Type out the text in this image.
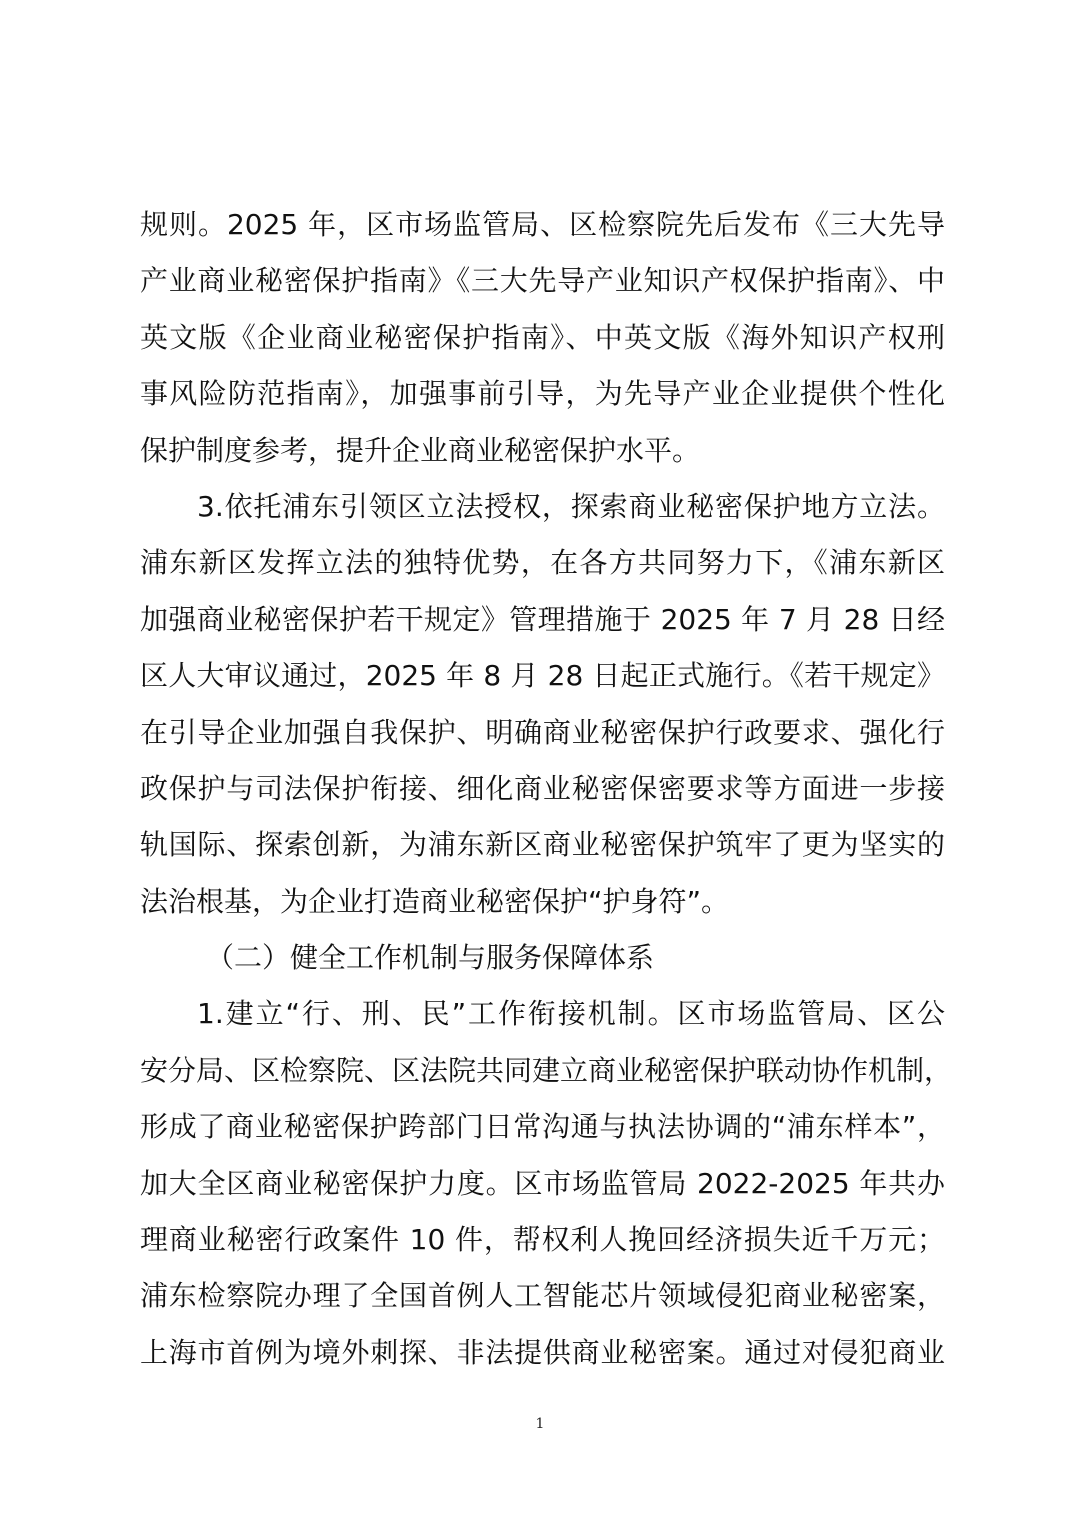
规则。2025 年，区市场监管局、区检察院先后发布《三大先导
产业商业秘密保护指南》《三大先导产业知识产权保护指南》、中
英文版《企业商业秘密保护指南》、中英文版《海外知识产权刑
事风险防范指南》，加强事前引导，为先导产业企业提供个性化
保护制度参考，提升企业商业秘密保护水平。
3.依托浦东引领区立法授权，探索商业秘密保护地方立法。
浦东新区发挥立法的独特优势，在各方共同努力下，《浦东新区
加强商业秘密保护若干规定》管理措施于 2025 年 7 月 28 日经
区人大审议通过，2025 年 8 月 28 日起正式施行。《若干规定》
在引导企业加强自我保护、明确商业秘密保护行政要求、强化行
政保护与司法保护衔接、细化商业秘密保密要求等方面进一步接
轨国际、探索创新，为浦东新区商业秘密保护筑牢了更为坚实的
法治根基，为企业打造商业秘密保护“护身符”。
（二）健全工作机制与服务保障体系
1.建立“行、刑、民”工作衔接机制。区市场监管局、区公
安分局、区检察院、区法院共同建立商业秘密保护联动协作机制，
形成了商业秘密保护跨部门日常沟通与执法协调的“浦东样本”，
加大全区商业秘密保护力度。区市场监管局 2022-2025 年共办
理商业秘密行政案件 10 件，帮权利人挽回经济损失近千万元；
浦东检察院办理了全国首例人工智能芯片领域侵犯商业秘密案，
上海市首例为境外刺探、非法提供商业秘密案。通过对侵犯商业
1
